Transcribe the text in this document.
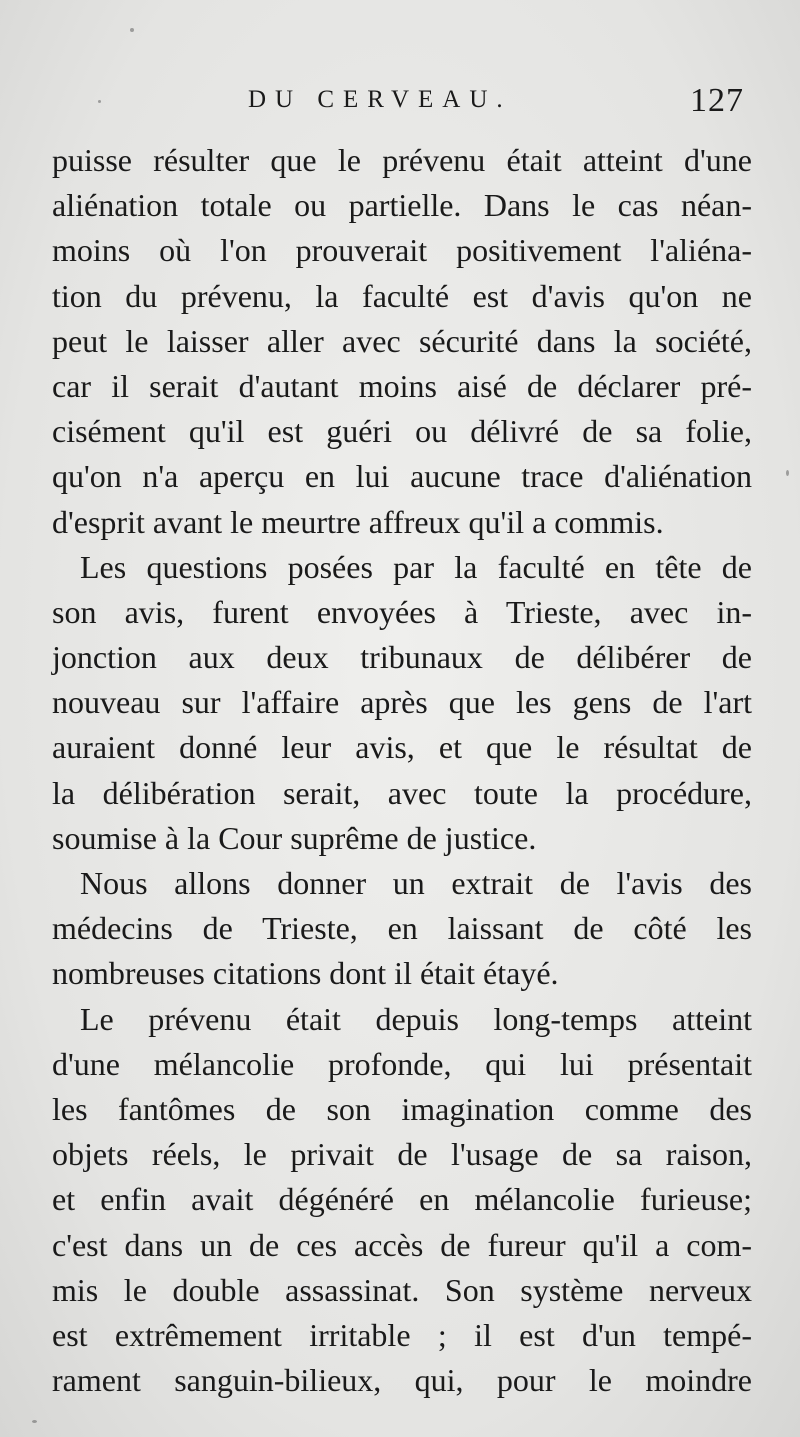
DU CERVEAU.	127
puisse résulter que le prévenu était atteint d'une
aliénation totale ou partielle. Dans le cas néan-
moins où l'on prouverait positivement l'aliéna-
tion du prévenu, la faculté est d'avis qu'on ne
peut le laisser aller avec sécurité dans la société,
car il serait d'autant moins aisé de déclarer pré-
cisément qu'il est guéri ou délivré de sa folie,
qu'on n'a aperçu en lui aucune trace d'aliénation
d'esprit avant le meurtre affreux qu'il a commis.
Les questions posées par la faculté en tête de
son avis, furent envoyées à Trieste, avec in-
jonction aux deux tribunaux de délibérer de
nouveau sur l'affaire après que les gens de l'art
auraient donné leur avis, et que le résultat de
la délibération serait, avec toute la procédure,
soumise à la Cour suprême de justice.
Nous allons donner un extrait de l'avis des
médecins de Trieste, en laissant de côté les
nombreuses citations dont il était étayé.
Le prévenu était depuis long-temps atteint
d'une mélancolie profonde, qui lui présentait
les fantômes de son imagination comme des
objets réels, le privait de l'usage de sa raison,
et enfin avait dégénéré en mélancolie furieuse;
c'est dans un de ces accès de fureur qu'il a com-
mis le double assassinat. Son système nerveux
est extrêmement irritable ; il est d'un tempé-
rament sanguin-bilieux, qui, pour le moindre
